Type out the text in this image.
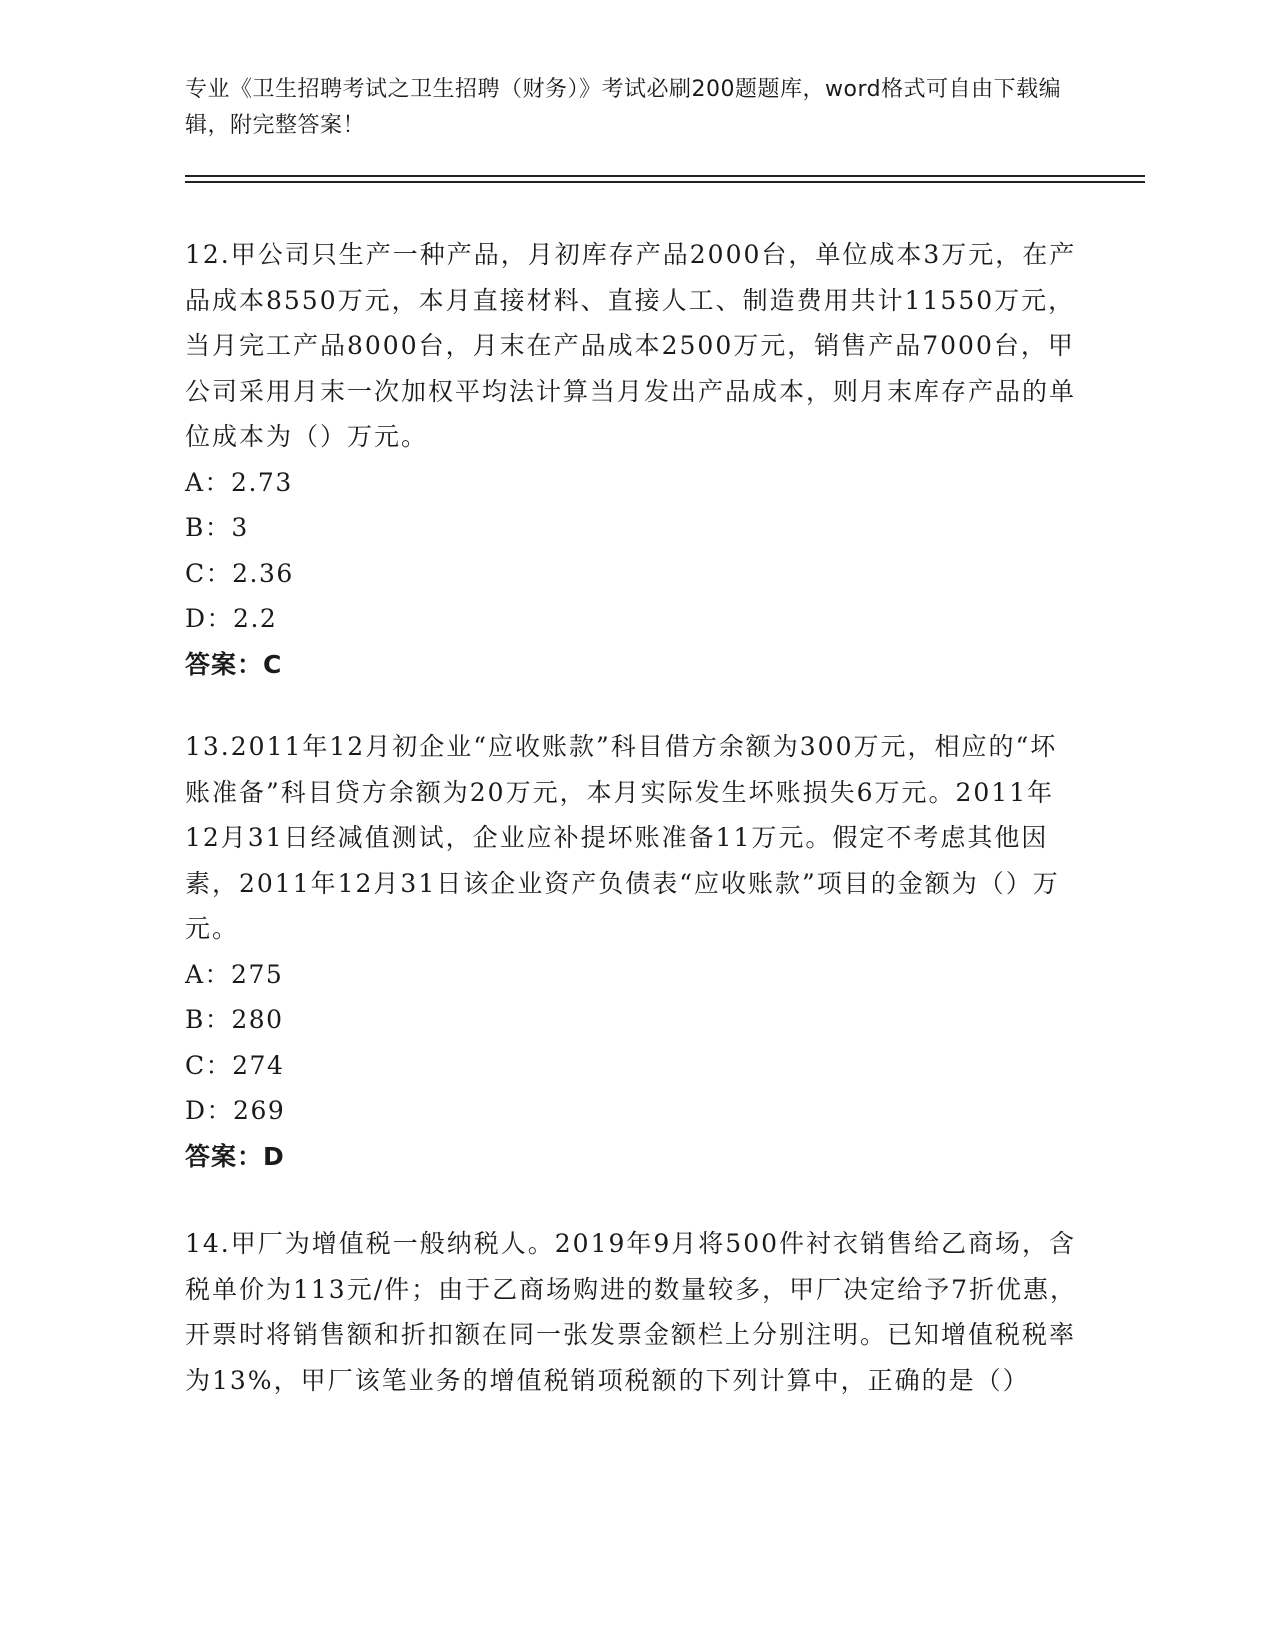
专业《卫生招聘考试之卫生招聘（财务）》考试必刷200题题库，word格式可自由下载编辑，附完整答案！

12.甲公司只生产一种产品，月初库存产品2000台，单位成本3万元，在产品成本8550万元，本月直接材料、直接人工、制造费用共计11550万元，当月完工产品8000台，月末在产品成本2500万元，销售产品7000台，甲公司采用月末一次加权平均法计算当月发出产品成本，则月末库存产品的单位成本为（）万元。

A：2.73

B：3

C：2.36

D：2.2

答案：C

13.2011年12月初企业“应收账款”科目借方余额为300万元，相应的“坏账准备”科目贷方余额为20万元，本月实际发生坏账损失6万元。2011年12月31日经减值测试，企业应补提坏账准备11万元。假定不考虑其他因素，2011年12月31日该企业资产负债表“应收账款”项目的金额为（）万元。

A：275

B：280

C：274

D：269

答案：D

14.甲厂为增值税一般纳税人。2019年9月将500件衬衣销售给乙商场，含税单价为113元/件；由于乙商场购进的数量较多，甲厂决定给予7折优惠，开票时将销售额和折扣额在同一张发票金额栏上分别注明。已知增值税税率为13%，甲厂该笔业务的增值税销项税额的下列计算中，正确的是（）
